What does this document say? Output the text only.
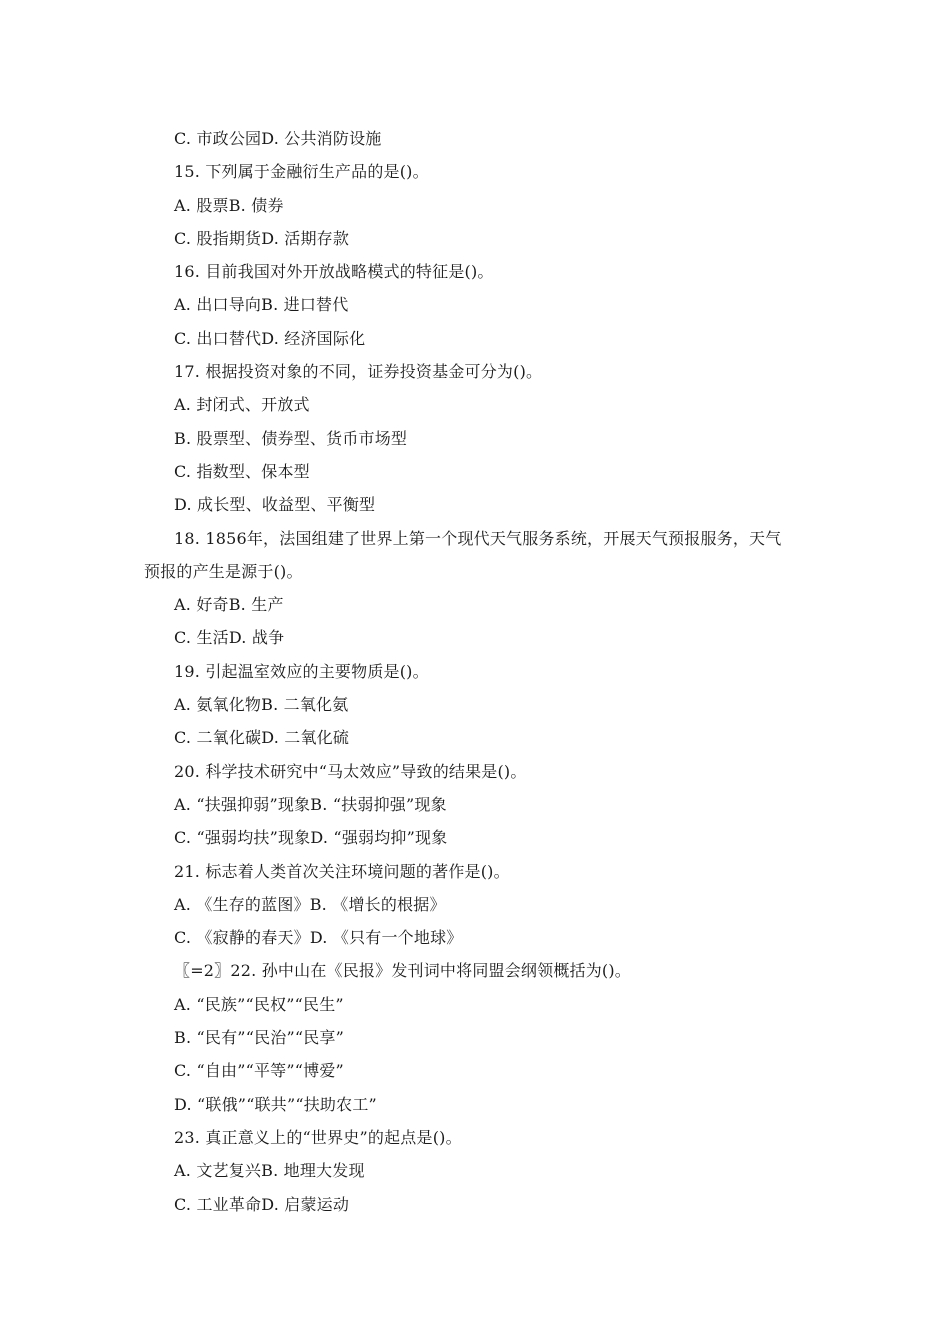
C. 市政公园D. 公共消防设施
15. 下列属于金融衍生产品的是()。
A. 股票B. 债券
C. 股指期货D. 活期存款
16. 目前我国对外开放战略模式的特征是()。
A. 出口导向B. 进口替代
C. 出口替代D. 经济国际化
17. 根据投资对象的不同，证券投资基金可分为()。
A. 封闭式、开放式
B. 股票型、债券型、货币市场型
C. 指数型、保本型
D. 成长型、收益型、平衡型
18. 1856年，法国组建了世界上第一个现代天气服务系统，开展天气预报服务，天气
预报的产生是源于()。
A. 好奇B. 生产
C. 生活D. 战争
19. 引起温室效应的主要物质是()。
A. 氨氧化物B. 二氧化氨
C. 二氧化碳D. 二氧化硫
20. 科学技术研究中“马太效应”导致的结果是()。
A. “扶强抑弱”现象B. “扶弱抑强”现象
C. “强弱均扶”现象D. “强弱均抑”现象
21. 标志着人类首次关注环境问题的著作是()。
A. 《生存的蓝图》B. 《增长的根据》
C. 《寂静的春天》D. 《只有一个地球》
〖=2〗22. 孙中山在《民报》发刊词中将同盟会纲领概括为()。
A. “民族”“民权”“民生”
B. “民有”“民治”“民享”
C. “自由”“平等”“博爱”
D. “联俄”“联共”“扶助农工”
23. 真正意义上的“世界史”的起点是()。
A. 文艺复兴B. 地理大发现
C. 工业革命D. 启蒙运动
